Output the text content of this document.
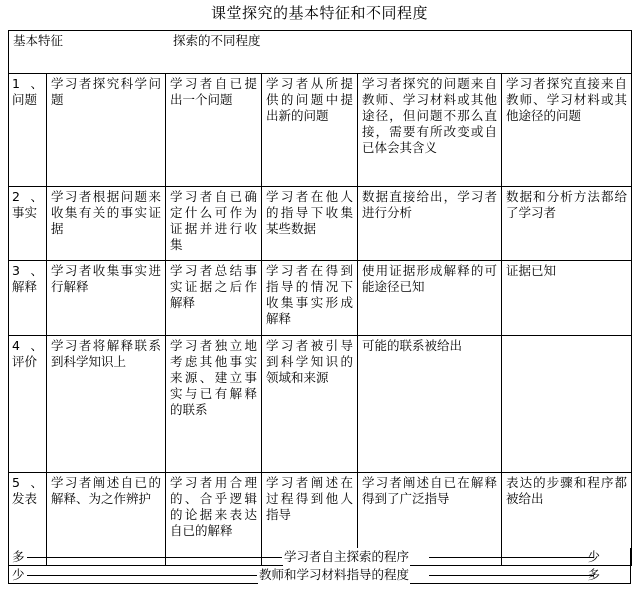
课堂探究的基本特征和不同程度
基本特征 探索的不同程度					

1、问题	学习者探究科学问题	学习者自已提出一个问题	学习者从所提供的问题中提出新的问题	学习者探究的问题来自教师、学习材料或其他途径，但问题不那么直接，需要有所改变或自已体会其含义	学习者探究直接来自教师、学习材料或其他途径的问题
2、事实	学习者根据问题来收集有关的事实证据	学习者自已确定什么可作为证据并进行收集	学习者在他人的指导下收集某些数据	数据直接给出，学习者进行分析	数据和分析方法都给了学习者
3、解释	学习者收集事实进行解释	学习者总结事实证据之后作解释	学习者在得到指导的情况下收集事实形成解释	使用证据形成解释的可能途径已知	证据已知
4、评价	学习者将解释联系到科学知识上	学习者独立地考虑其他事实来源、建立事实与已有解释的联系	学习者被引导到科学知识的领域和来源	可能的联系被给出	
5、发表	学习者阐述自已的解释、为之作辨护	学习者用合理的、合乎逻辑的论据来表达自已的解释	学习者阐述在过程得到他人指导	学习者阐述自已在解释得到了广泛指导	表达的步骤和程序都被给出
多	学习者自主探索的程序	少
少	教师和学习材料指导的程度	多
